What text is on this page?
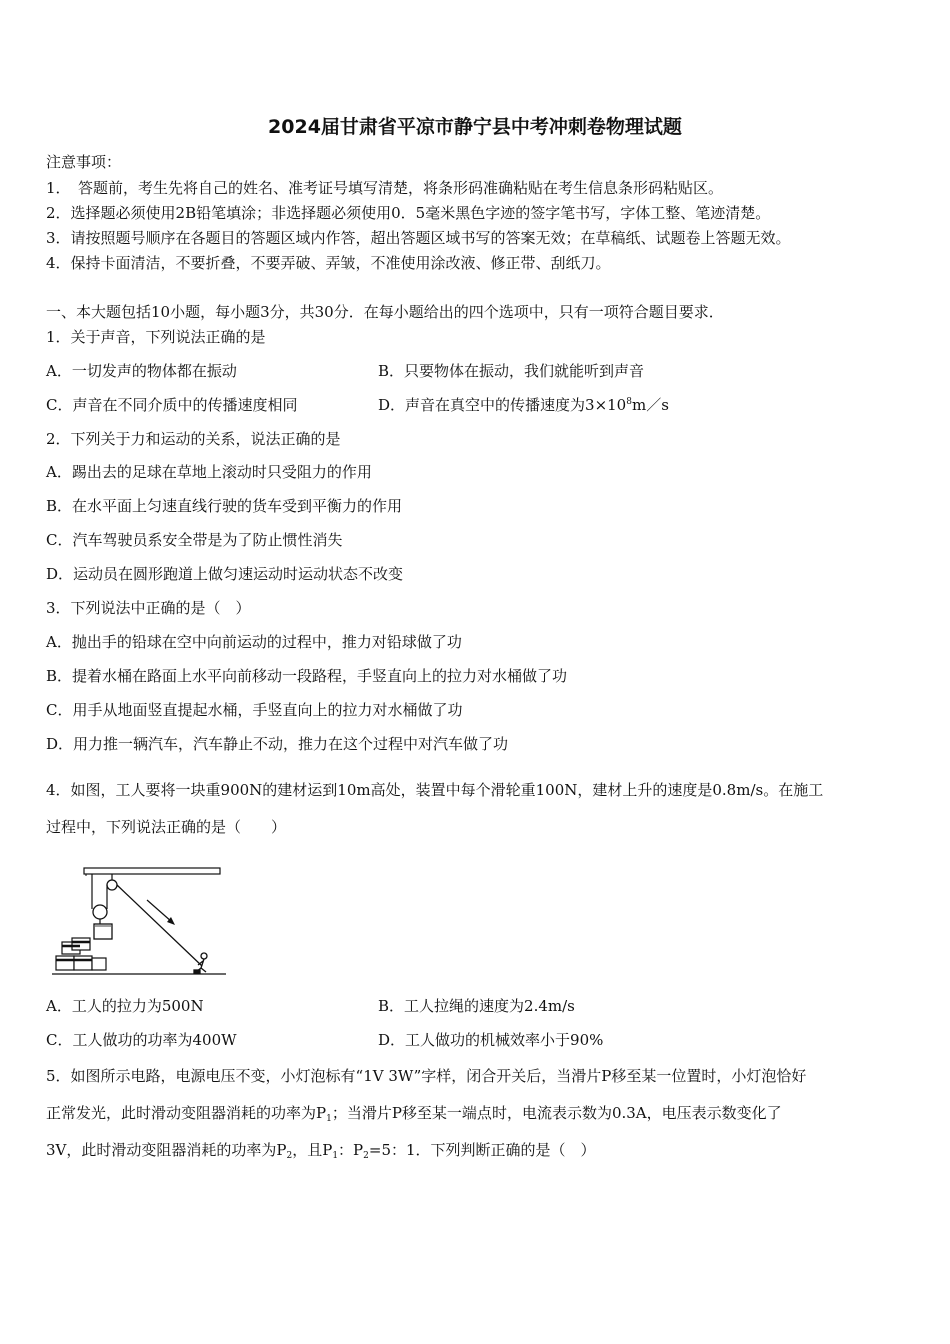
2024届甘肃省平凉市静宁县中考冲刺卷物理试题
注意事项：
1．　答题前，考生先将自己的姓名、准考证号填写清楚，将条形码准确粘贴在考生信息条形码粘贴区。
2．选择题必须使用2B铅笔填涂；非选择题必须使用0．5毫米黑色字迹的签字笔书写，字体工整、笔迹清楚。
3．请按照题号顺序在各题目的答题区域内作答，超出答题区域书写的答案无效；在草稿纸、试题卷上答题无效。
4．保持卡面清洁，不要折叠，不要弄破、弄皱，不准使用涂改液、修正带、刮纸刀。
一、本大题包括10小题，每小题3分，共30分．在每小题给出的四个选项中，只有一项符合题目要求．
1．关于声音，下列说法正确的是
A．一切发声的物体都在振动	B．只要物体在振动，我们就能听到声音
C．声音在不同介质中的传播速度相同	D．声音在真空中的传播速度为$3\times 10^8m/s$
2．下列关于力和运动的关系，说法正确的是
A．踢出去的足球在草地上滚动时只受阻力的作用
B．在水平面上匀速直线行驶的货车受到平衡力的作用
C．汽车驾驶员系安全带是为了防止惯性消失
D．运动员在圆形跑道上做匀速运动时运动状态不改变
3．下列说法中正确的是（　）
A．抛出手的铅球在空中向前运动的过程中，推力对铅球做了功
B．提着水桶在路面上水平向前移动一段路程，手竖直向上的拉力对水桶做了功
C．用手从地面竖直提起水桶，手竖直向上的拉力对水桶做了功
D．用力推一辆汽车，汽车静止不动，推力在这个过程中对汽车做了功
4．如图，工人要将一块重900N的建材运到10m高处，装置中每个滑轮重100N，建材上升的速度是0.8m/s。在施工
过程中，下列说法正确的是（　　）
A．工人的拉力为500N	B．工人拉绳的速度为2.4m/s
C．工人做功的功率为400W	D．工人做功的机械效率小于90%
5．如图所示电路，电源电压不变，小灯泡标有“1V 3W”字样，闭合开关后，当滑片P移至某一位置时，小灯泡恰好
正常发光，此时滑动变阻器消耗的功率为$P_1$；当滑片P移至某一端点时，电流表示数为0.3A，电压表示数变化了
3V，此时滑动变阻器消耗的功率为$P_2$，且$P_1$：$P_2=5$：1．下列判断正确的是（　）
